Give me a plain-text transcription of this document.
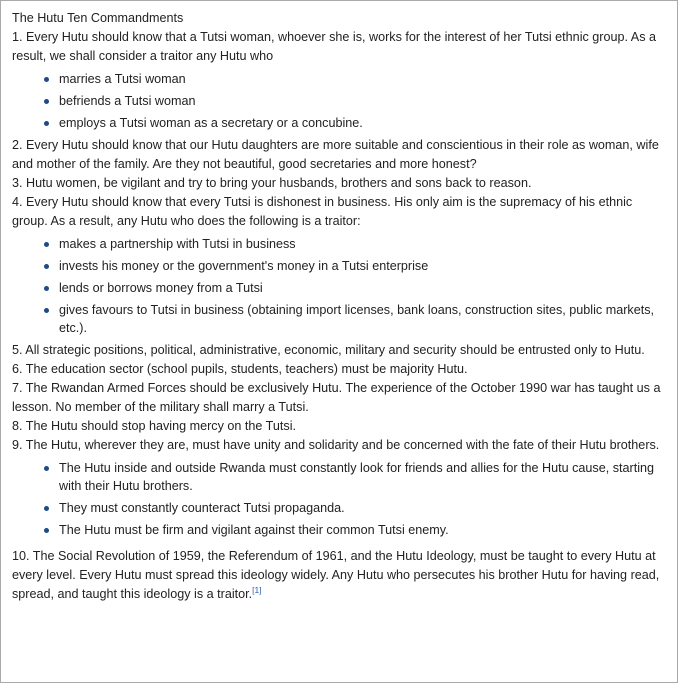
The Hutu Ten Commandments
1. Every Hutu should know that a Tutsi woman, whoever she is, works for the interest of her Tutsi ethnic group. As a result, we shall consider a traitor any Hutu who
marries a Tutsi woman
befriends a Tutsi woman
employs a Tutsi woman as a secretary or a concubine.
2. Every Hutu should know that our Hutu daughters are more suitable and conscientious in their role as woman, wife and mother of the family. Are they not beautiful, good secretaries and more honest?
3. Hutu women, be vigilant and try to bring your husbands, brothers and sons back to reason.
4. Every Hutu should know that every Tutsi is dishonest in business. His only aim is the supremacy of his ethnic group. As a result, any Hutu who does the following is a traitor:
makes a partnership with Tutsi in business
invests his money or the government's money in a Tutsi enterprise
lends or borrows money from a Tutsi
gives favours to Tutsi in business (obtaining import licenses, bank loans, construction sites, public markets, etc.).
5. All strategic positions, political, administrative, economic, military and security should be entrusted only to Hutu.
6. The education sector (school pupils, students, teachers) must be majority Hutu.
7. The Rwandan Armed Forces should be exclusively Hutu. The experience of the October 1990 war has taught us a lesson. No member of the military shall marry a Tutsi.
8. The Hutu should stop having mercy on the Tutsi.
9. The Hutu, wherever they are, must have unity and solidarity and be concerned with the fate of their Hutu brothers.
The Hutu inside and outside Rwanda must constantly look for friends and allies for the Hutu cause, starting with their Hutu brothers.
They must constantly counteract Tutsi propaganda.
The Hutu must be firm and vigilant against their common Tutsi enemy.
10. The Social Revolution of 1959, the Referendum of 1961, and the Hutu Ideology, must be taught to every Hutu at every level. Every Hutu must spread this ideology widely. Any Hutu who persecutes his brother Hutu for having read, spread, and taught this ideology is a traitor.[1]
